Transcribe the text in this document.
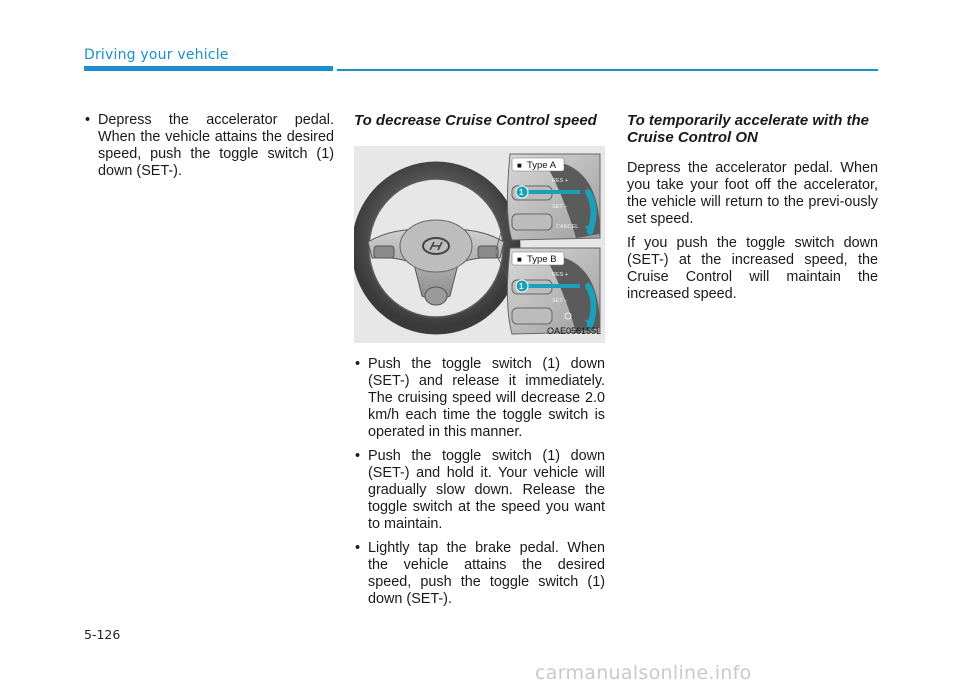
Driving your vehicle
• Depress the accelerator pedal. When the vehicle attains the desired speed, push the toggle switch (1) down (SET-).
To decrease Cruise Control speed
■ Type A
1
RES +
SET −
CANCEL
■ Type B
1
RES +
SET −
OAE056155L
• Push the toggle switch (1) down (SET-) and release it immediately. The cruising speed will decrease 2.0 km/h each time the toggle switch is operated in this manner.
• Push the toggle switch (1) down (SET-) and hold it. Your vehicle will gradually slow down. Release the toggle switch at the speed you want to maintain.
• Lightly tap the brake pedal. When the vehicle attains the desired speed, push the toggle switch (1) down (SET-).
To temporarily accelerate with the Cruise Control ON
Depress the accelerator pedal. When you take your foot off the accelerator, the vehicle will return to the previ-ously set speed.
If you push the toggle switch down (SET-) at the increased speed, the Cruise Control will maintain the increased speed.
5-126
carmanualsonline.info
